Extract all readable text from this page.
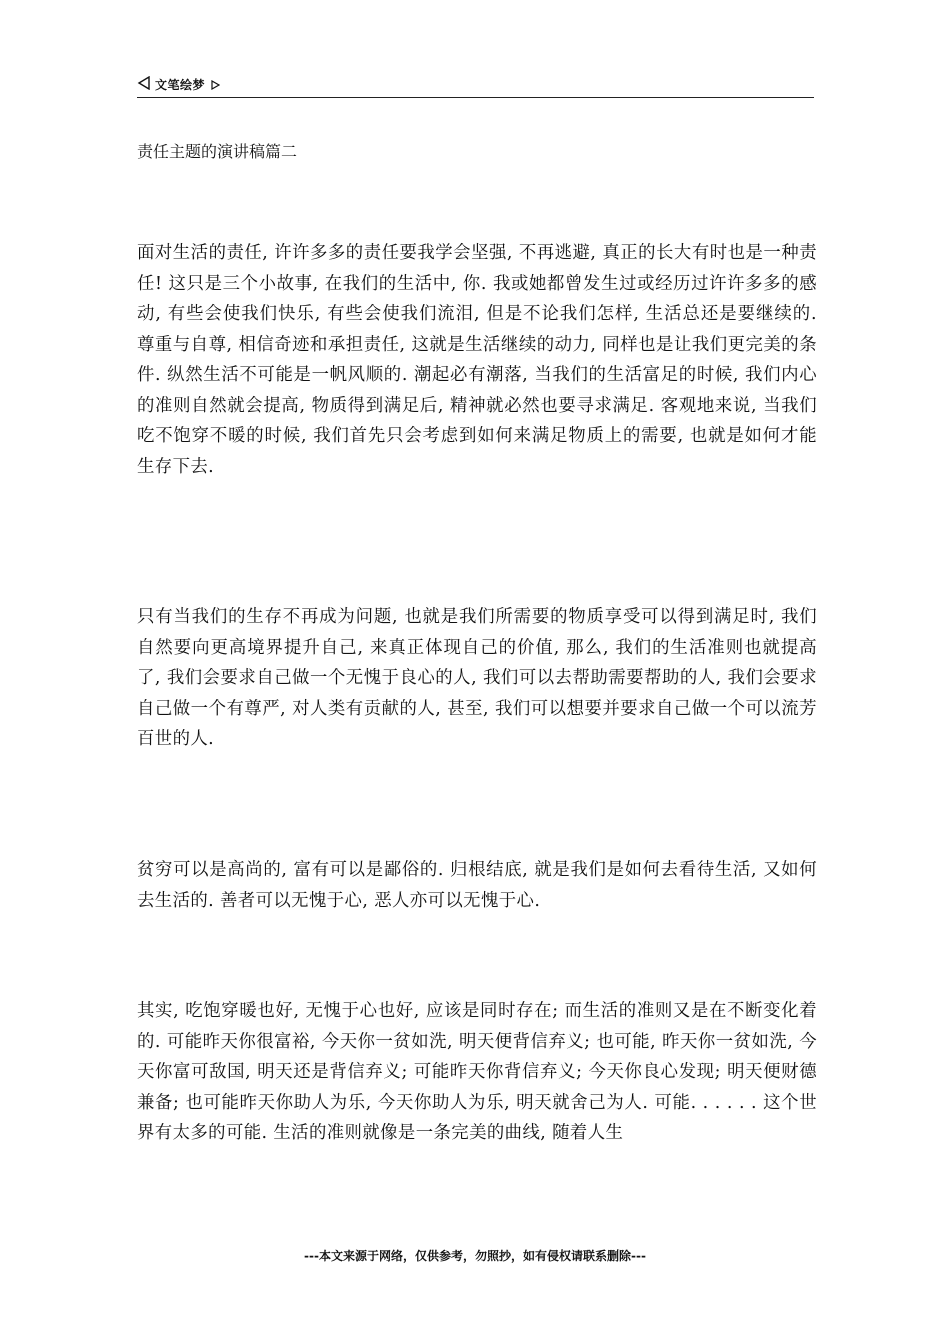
文笔绘梦
责任主题的演讲稿篇二
面对生活的责任, 许许多多的责任要我学会坚强, 不再逃避, 真正的长大有时也是一种责任! 这只是三个小故事, 在我们的生活中, 你. 我或她都曾发生过或经历过许许多多的感动, 有些会使我们快乐, 有些会使我们流泪, 但是不论我们怎样, 生活总还是要继续的. 尊重与自尊, 相信奇迹和承担责任, 这就是生活继续的动力, 同样也是让我们更完美的条件. 纵然生活不可能是一帆风顺的. 潮起必有潮落, 当我们的生活富足的时候, 我们内心的准则自然就会提高, 物质得到满足后, 精神就必然也要寻求满足. 客观地来说, 当我们吃不饱穿不暖的时候, 我们首先只会考虑到如何来满足物质上的需要, 也就是如何才能生存下去.
只有当我们的生存不再成为问题, 也就是我们所需要的物质享受可以得到满足时, 我们自然要向更高境界提升自己, 来真正体现自己的价值, 那么, 我们的生活准则也就提高了, 我们会要求自己做一个无愧于良心的人, 我们可以去帮助需要帮助的人, 我们会要求自己做一个有尊严, 对人类有贡献的人, 甚至, 我们可以想要并要求自己做一个可以流芳百世的人.
贫穷可以是高尚的, 富有可以是鄙俗的. 归根结底, 就是我们是如何去看待生活, 又如何去生活的. 善者可以无愧于心, 恶人亦可以无愧于心.
其实, 吃饱穿暖也好, 无愧于心也好, 应该是同时存在; 而生活的准则又是在不断变化着的. 可能昨天你很富裕, 今天你一贫如洗, 明天便背信弃义; 也可能, 昨天你一贫如洗, 今天你富可敌国, 明天还是背信弃义; 可能昨天你背信弃义; 今天你良心发现; 明天便财德兼备; 也可能昨天你助人为乐, 今天你助人为乐, 明天就舍己为人. 可能. . . . . . 这个世界有太多的可能. 生活的准则就像是一条完美的曲线, 随着人生
---本文来源于网络，仅供参考，勿照抄，如有侵权请联系删除---
